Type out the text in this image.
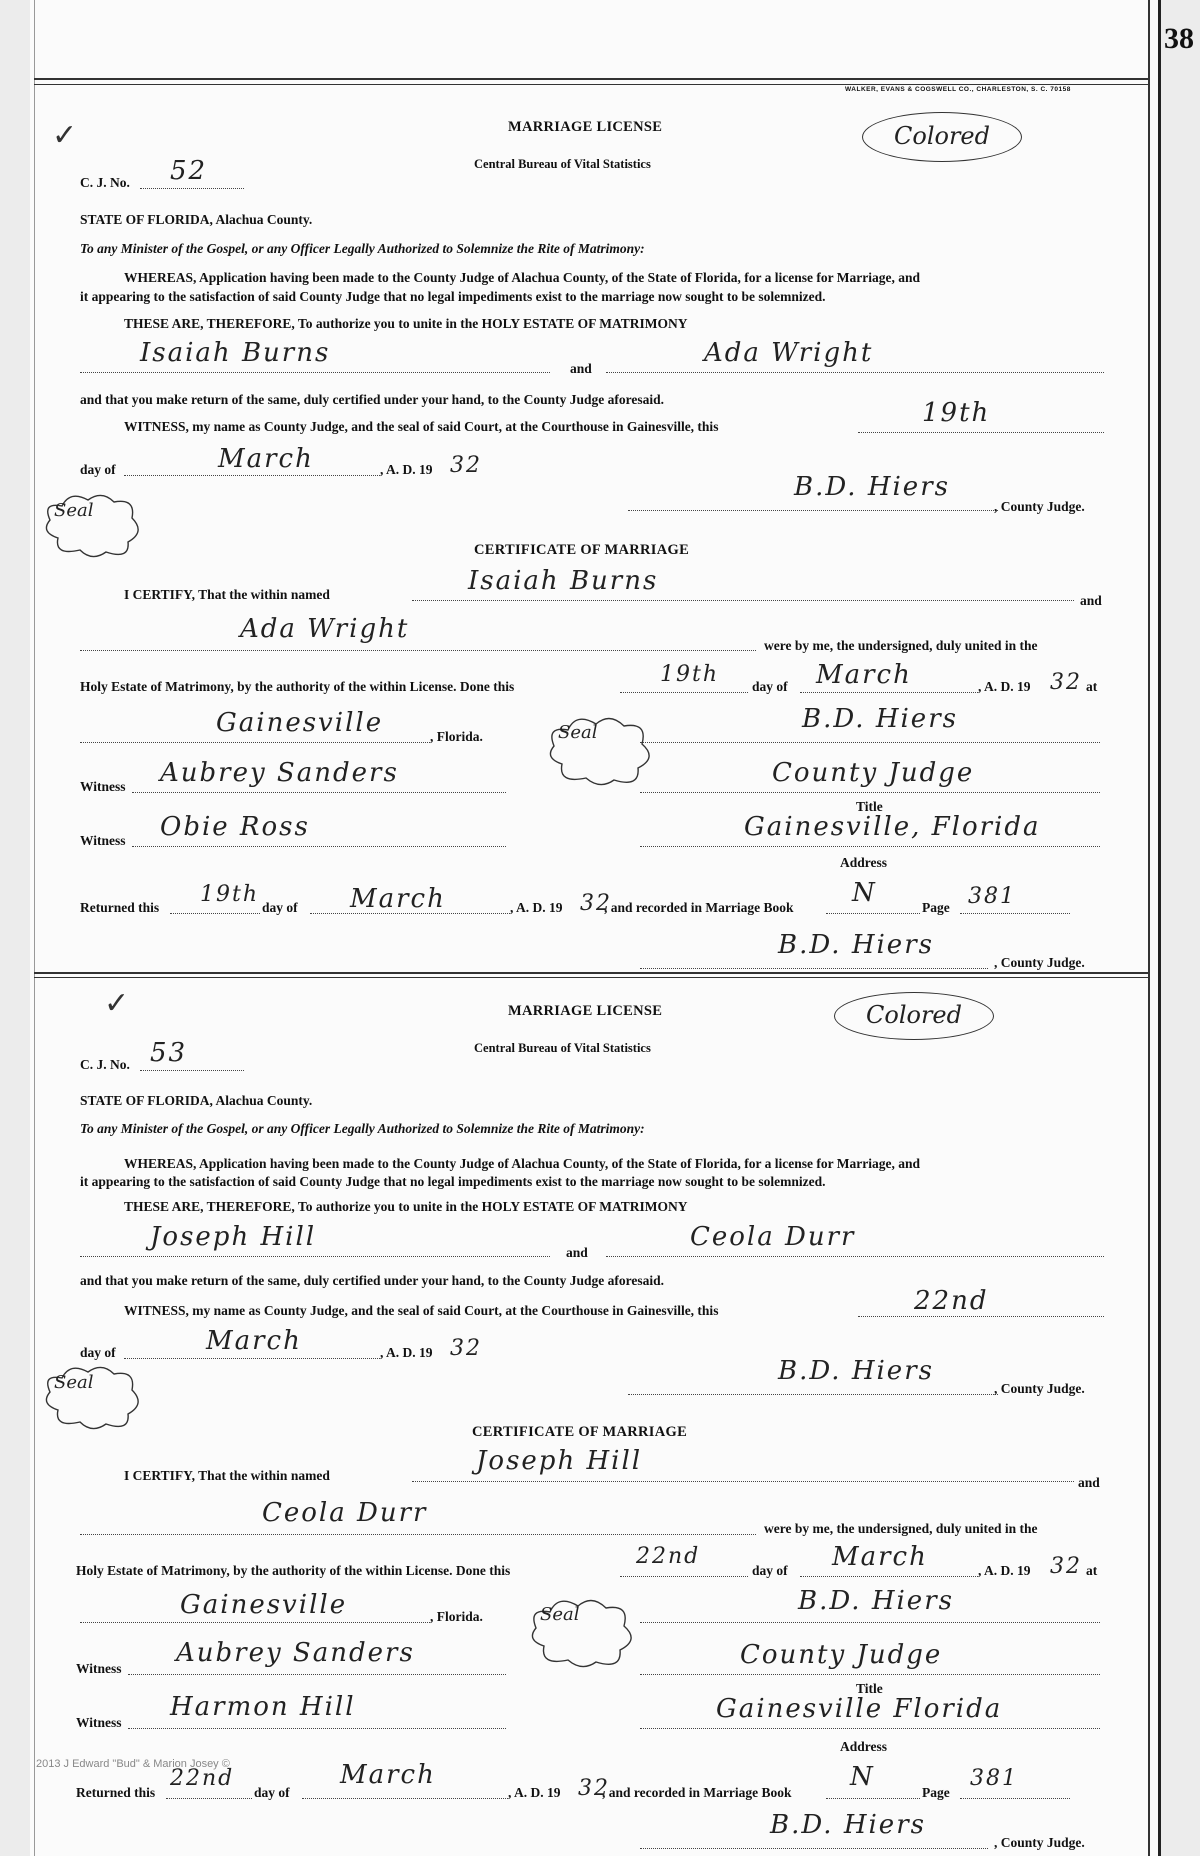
38
WALKER, EVANS & COGSWELL CO., CHARLESTON, S. C. 70158
✓	MARRIAGE LICENSE	Colored
Central Bureau of Vital Statistics
C. J. No. 52
STATE OF FLORIDA, Alachua County.
To any Minister of the Gospel, or any Officer Legally Authorized to Solemnize the Rite of Matrimony:
WHEREAS, Application having been made to the County Judge of Alachua County, of the State of Florida, for a license for Marriage, and
it appearing to the satisfaction of said County Judge that no legal impediments exist to the marriage now sought to be solemnized.
THESE ARE, THEREFORE, To authorize you to unite in the HOLY ESTATE OF MATRIMONY
Isaiah Burns
and
Ada Wright
and that you make return of the same, duly certified under your hand, to the County Judge aforesaid.
WITNESS, my name as County Judge, and the seal of said Court, at the Courthouse in Gainesville, this	19th
day of	March	, A. D. 19 32
Seal
B.D. Hiers
, County Judge.
CERTIFICATE OF MARRIAGE
I CERTIFY, That the within named	Isaiah Burns
and
Ada Wright
were by me, the undersigned, duly united in the
Holy Estate of Matrimony, by the authority of the within License. Done this	19th day of March	, A. D. 19 32 at
Gainesville	, Florida.	Seal	B.D. Hiers
Witness Aubrey Sanders	County Judge
Title
Witness Obie Ross	Gainesville, Florida
Address
Returned this
19th
day of March	, A. D. 19 32
, and recorded in Marriage Book N	Page 381
B.D. Hiers
, County Judge.
✓	MARRIAGE LICENSE	Colored
Central Bureau of Vital Statistics
C. J. No. 53
STATE OF FLORIDA, Alachua County.
To any Minister of the Gospel, or any Officer Legally Authorized to Solemnize the Rite of Matrimony:
WHEREAS, Application having been made to the County Judge of Alachua County, of the State of Florida, for a license for Marriage, and
it appearing to the satisfaction of said County Judge that no legal impediments exist to the marriage now sought to be solemnized.
THESE ARE, THEREFORE, To authorize you to unite in the HOLY ESTATE OF MATRIMONY
Joseph Hill
and
Ceola Durr
and that you make return of the same, duly certified under your hand, to the County Judge aforesaid.
WITNESS, my name as County Judge, and the seal of said Court, at the Courthouse in Gainesville, this	22nd
day of	March	, A. D. 19 32
Seal	B.D. Hiers
, County Judge.
CERTIFICATE OF MARRIAGE
I CERTIFY, That the within named	Joseph Hill
and
Ceola Durr
were by me, the undersigned, duly united in the
Holy Estate of Matrimony, by the authority of the within License. Done this
22nd
day of March	, A. D. 19 32 at
Gainesville	, Florida.	Seal	B.D. Hiers
Witness
Aubrey Sanders	County Judge
Title
Witness
Harmon Hill	Gainesville Florida
Address
Returned this
22nd
day of
March
, A. D. 19 32
, and recorded in Marriage Book
N
Page
381
B.D. Hiers
, County Judge.
2013 J Edward "Bud" & Marion Josey ©
